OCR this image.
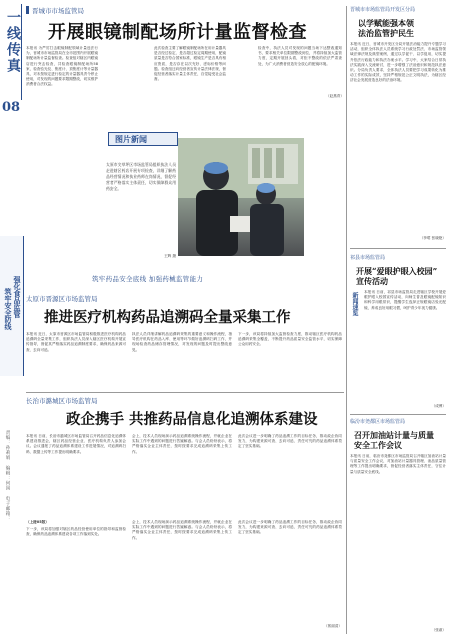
一线传真
08
责编：孙莉娟 编辑：何国 电子邮箱：
晋城市市场监管局
开展眼镜制配场所计量监督检查
本报讯 为严厉打击眼镜制配领域计量违法行为，晋城市市场监管局在全市范围内开展眼镜制配场所计量监督检查。检查组对辖区内眼镜店进行突击检查，共检查眼镜制配场所58家，检查验光仪、焦度计、顶焦度计等计量器具，对未按规定进行检定的计量器具责令停止使用，对发现的问题要求限期整改，切实维护消费者合法权益。
此次检查主要了解眼镜制配场所在用计量器具是否经过检定、是否超过检定周期使用，配镜质量是否符合国家标准，眼镜生产是否具有相应资质，是否存在以次充好、虚标价格等问题。检查组还向经营者宣传计量法律法规，督促经营者落实计量主体责任，自觉接受社会监督。
检查中，执法人员对发现的问题当场下达整改通知书，要求相关单位限期整改到位，并将持续加大监管力度，定期开展回头看，对拒不整改的依法严肃查处，为广大消费者营造安全放心的配镜环境。
（赵燕青）
图片新闻
太原市尖草坪区市场监管局组织执法人员走进辖区药店开展专项检查，详细了解药品经营情况和执业药师在岗情况，督促经营者严格落实主体责任，切实保障群众用药安全。
王辉 摄
筑牢药品安全底线 加强药械监管能力
太原市晋源区市场监管局
推进医疗机构药品追溯码全量采集工作
本报讯 近日，太原市晋源区市场监管局积极推进医疗机构药品追溯码全量采集工作，组织执法人员深入辖区医疗机构开展宣传指导，督促其严格落实药品追溯制度要求，确保药品来源可查、去向可追。
执法人员详细讲解药品追溯码采集的重要意义和操作流程，指导医疗机构在药品入库、使用等环节做好追溯码扫码工作，并现场检查药品储存管理情况，对发现的问题及时提出整改意见。
下一步，该局将持续加大监督检查力度，推动辖区医疗机构药品追溯码采集全覆盖，不断提升药品质量安全监管水平，切实保障公众用药安全。
长治市潞城区市场监管局
政企携手 共推药品信息化追溯体系建设
本报讯 日前，长治市潞城区市场监管局召开药品信息化追溯体系建设推进会，辖区药品经营企业、医疗机构负责人参加会议。会议通报了药品追溯体系建设工作进展情况，对追溯码扫码、数据上传等工作提出明确要求。
会上，技术人员现场演示药品追溯系统操作流程，并就企业在实际工作中遇到的问题进行答疑解惑。与会人员纷纷表示，将严格落实企业主体责任，按时按要求完成追溯码采集上传工作。
此次会议进一步明确了药品追溯工作的目标任务，推动政企协同发力，为构建来源可查、去向可追、责任可究的药品追溯体系奠定了坚实基础。
（上接05版）
下一步，该局将加强对辖区药品经营使用单位的指导和监督检查，确保药品追溯体系建设各项工作落到实处。
会上，技术人员现场演示药品追溯系统操作流程，并就企业在实际工作中遇到的问题进行答疑解惑。与会人员纷纷表示，将严格落实企业主体责任，按时按要求完成追溯码采集上传工作。
此次会议进一步明确了药品追溯工作的目标任务，推动政企协同发力，为构建来源可查、去向可追、责任可究的药品追溯体系奠定了坚实基础。
（郭丽清）
强化食品监管
筑牢安全防线
晋城市市场监管局开发区分局
以学赋能强本领
法治监管护民生
本报讯 近日，晋城市开发区分局开展法治能力提升专题学习活动，组织全体执法人员系统学习行政处罚法、市场监管领域法律法规及典型案例，通过以学促干、以学促用，切实提升依法行政能力和执法办案水平。学习中，大家结合日常执法实践深入交流研讨，进一步增强了法治意识和规范执法意识。分局负责人要求，全体执法人员要把学习成果转化为推动工作的实际成效，坚持严格规范公正文明执法，为辖区经济社会发展营造良好的法治环境。
（李珺 张晓艳）
祁县市场监管局
开展“爱眼护眼入校园”
宣传活动
新闻速览 本报讯 日前，祁县市场监管局走进辖区学校开展爱眼护眼入校园宣传活动，向师生普及眼镜配镜知识和科学用眼常识，提醒学生选择正规眼镜店验光配镜，养成良好用眼习惯，呵护青少年视力健康。
（成博）
临汾市尧都区市场监管局
召开加油站计量与质量
安全工作会议
本报讯 日前，临汾市尧都区市场监管局召开辖区加油站计量与质量安全工作会议，对加油站计量器具管理、油品质量管理等工作提出明确要求，督促经营者落实主体责任，守住计量与质量安全底线。
（张淑）
